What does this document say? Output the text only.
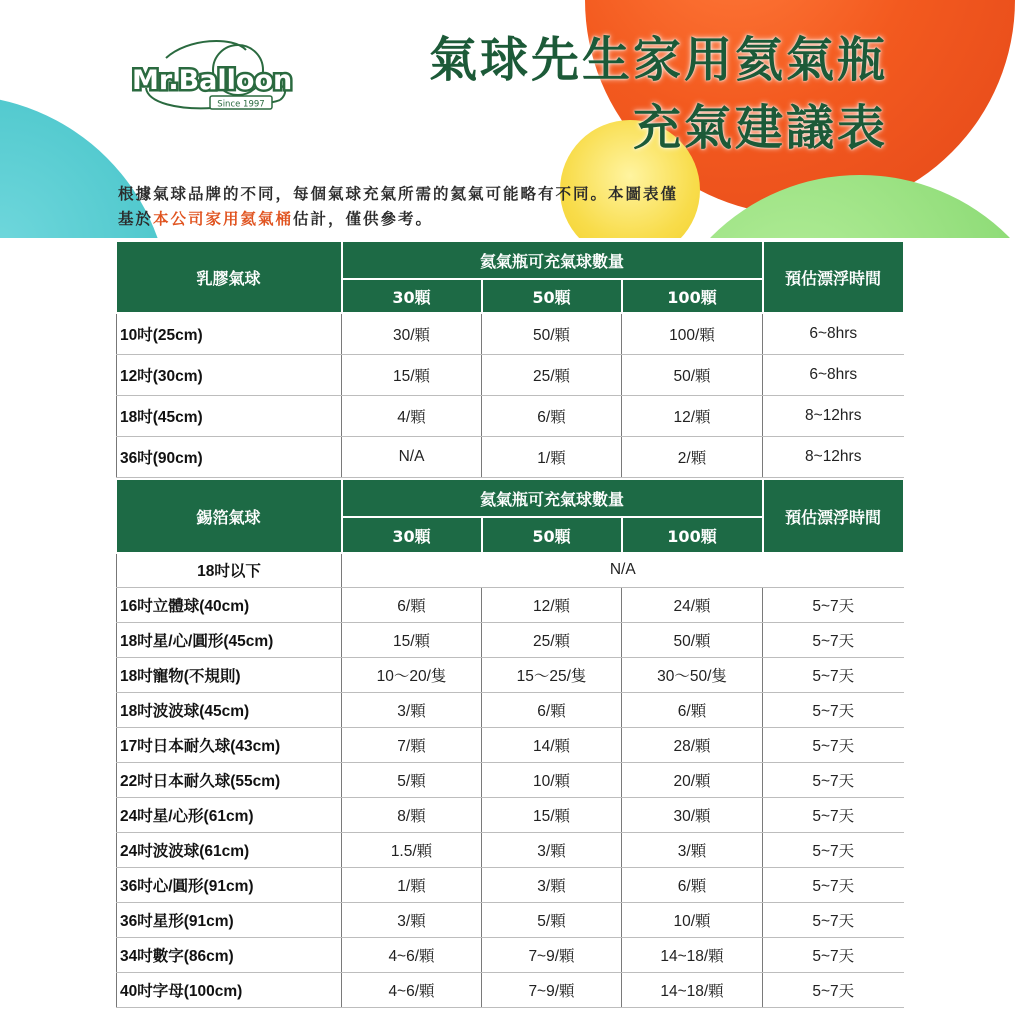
Mr.Balloon
Since 1997
氣球先生家用氦氣瓶
充氣建議表

根據氣球品牌的不同，每個氣球充氣所需的氦氣可能略有不同。本圖表僅基於本公司家用氦氣桶估計，僅供參考。

乳膠氣球	氦氣瓶可充氣球數量			預估漂浮時間
	30顆	50顆	100顆	
10吋(25cm)	30/顆	50/顆	100/顆	6~8hrs
12吋(30cm)	15/顆	25/顆	50/顆	6~8hrs
18吋(45cm)	4/顆	6/顆	12/顆	8~12hrs
36吋(90cm)	N/A	1/顆	2/顆	8~12hrs
錫箔氣球	氦氣瓶可充氣球數量			預估漂浮時間
	30顆	50顆	100顆	
18吋以下	N/A			
16吋立體球(40cm)	6/顆	12/顆	24/顆	5~7天
18吋星/心/圓形(45cm)	15/顆	25/顆	50/顆	5~7天
18吋寵物(不規則)	10～20/隻	15～25/隻	30～50/隻	5~7天
18吋波波球(45cm)	3/顆	6/顆	6/顆	5~7天
17吋日本耐久球(43cm)	7/顆	14/顆	28/顆	5~7天
22吋日本耐久球(55cm)	5/顆	10/顆	20/顆	5~7天
24吋星/心形(61cm)	8/顆	15/顆	30/顆	5~7天
24吋波波球(61cm)	1.5/顆	3/顆	3/顆	5~7天
36吋心/圓形(91cm)	1/顆	3/顆	6/顆	5~7天
36吋星形(91cm)	3/顆	5/顆	10/顆	5~7天
34吋數字(86cm)	4~6/顆	7~9/顆	14~18/顆	5~7天
40吋字母(100cm)	4~6/顆	7~9/顆	14~18/顆	5~7天
